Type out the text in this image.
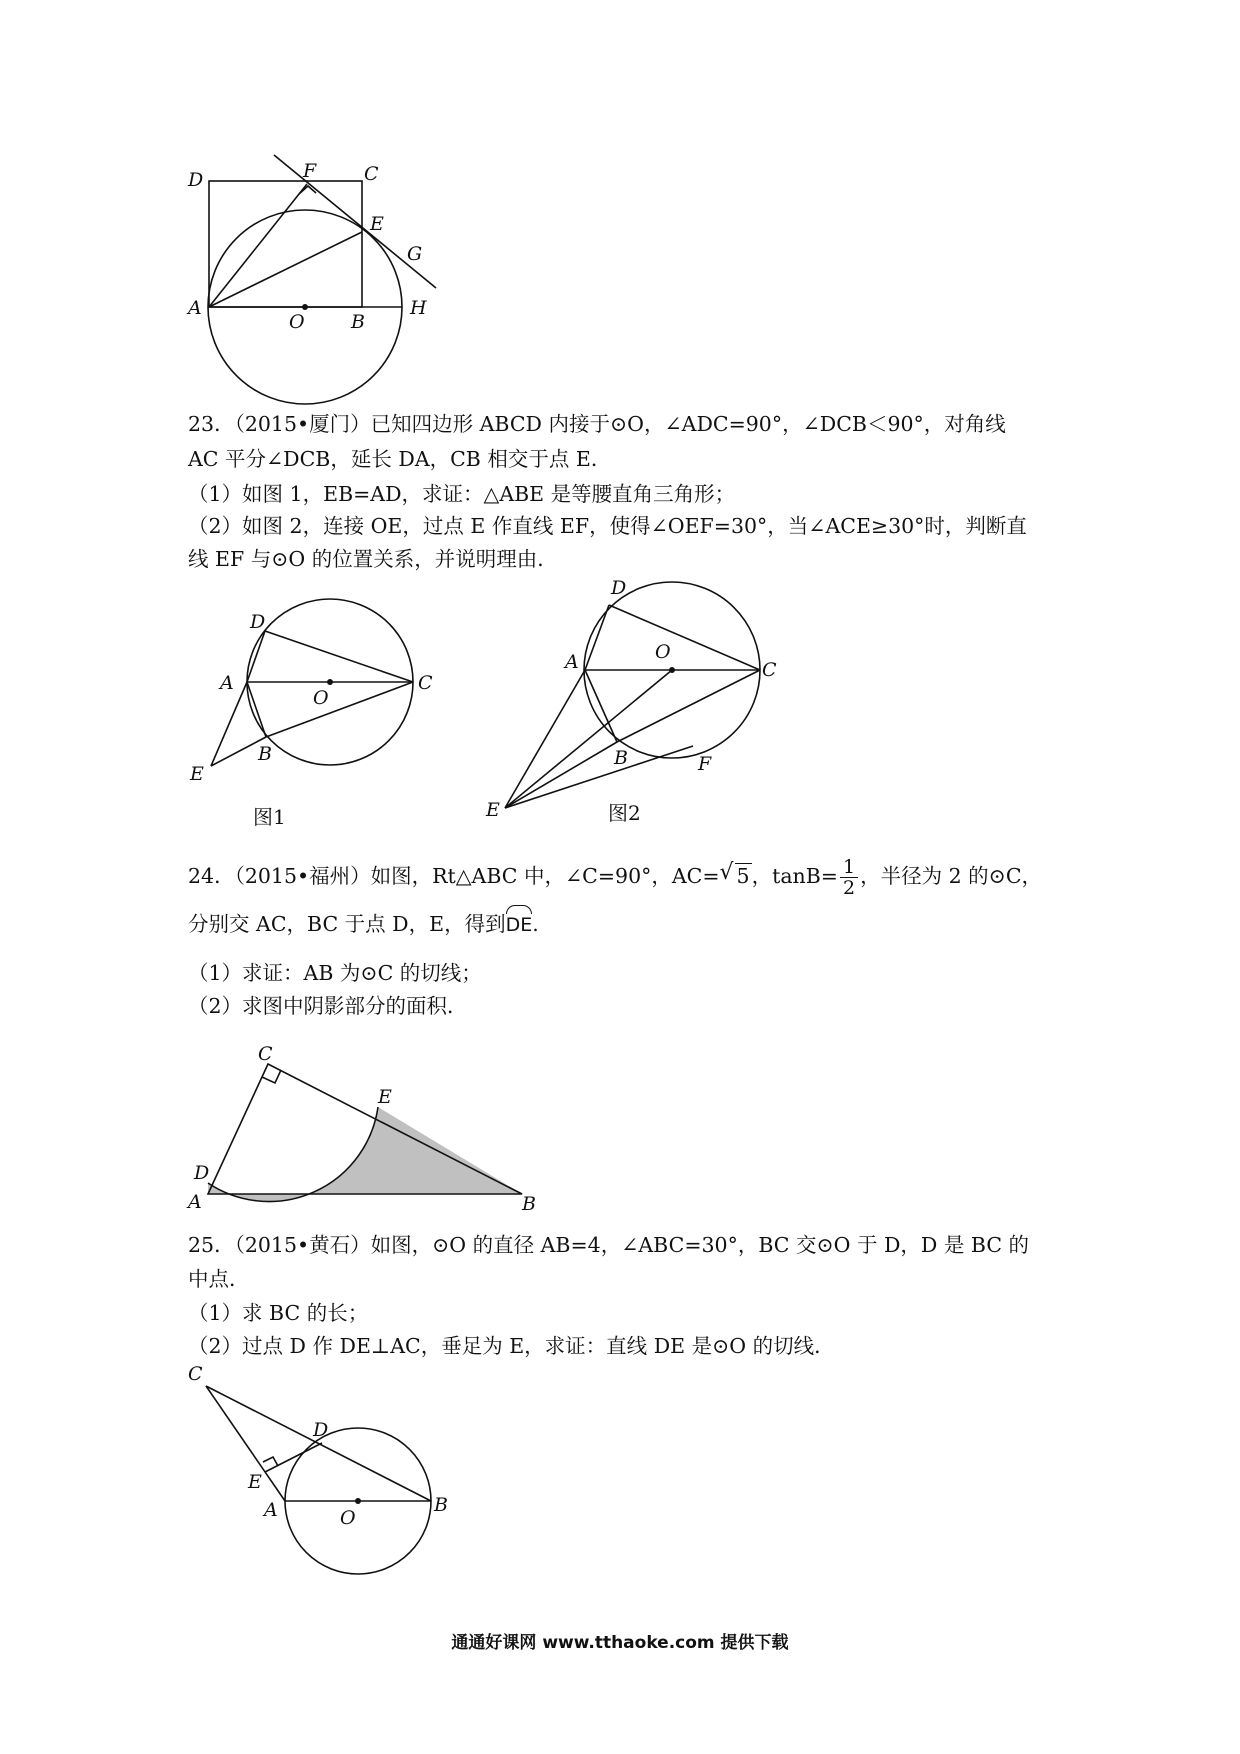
D	F	C
E
G
A
O B
H
23．（2015•厦门）已知四边形 ABCD 内接于⊙O，∠ADC=90°，∠DCB＜90°，对角线
AC 平分∠DCB，延长 DA，CB 相交于点 E．
（1）如图 1，EB=AD，求证：△ABE 是等腰直角三角形；
（2）如图 2，连接 OE，过点 E 作直线 EF，使得∠OEF=30°，当∠ACE≥30°时，判断直
线 EF 与⊙O 的位置关系，并说明理由．
D
A
O
C
B
E
图1
D
A	O
C
B	F
E	图2
24．（2015•福州）如图，Rt△ABC 中，∠C=90°，AC= √ 5，$\tan B= \frac{1}{2}$ ，半径为 2 的⊙C，
分别交 AC，BC 于点 D，E，得到
DE.
（1）求证：AB 为⊙C 的切线；
（2）求图中阴影部分的面积．
C
E
D
A	B
25．（2015•黄石）如图，⊙O 的直径 AB=4，∠ABC=30°，BC 交⊙O 于 D，D 是 BC 的
中点．
（1）求 BC 的长；
（2）过点 D 作 DE⊥AC，垂足为 E，求证：直线 DE 是⊙O 的切线．
C
D
E
A	O
B
通通好课网 www.tthaoke.com 提供下载
